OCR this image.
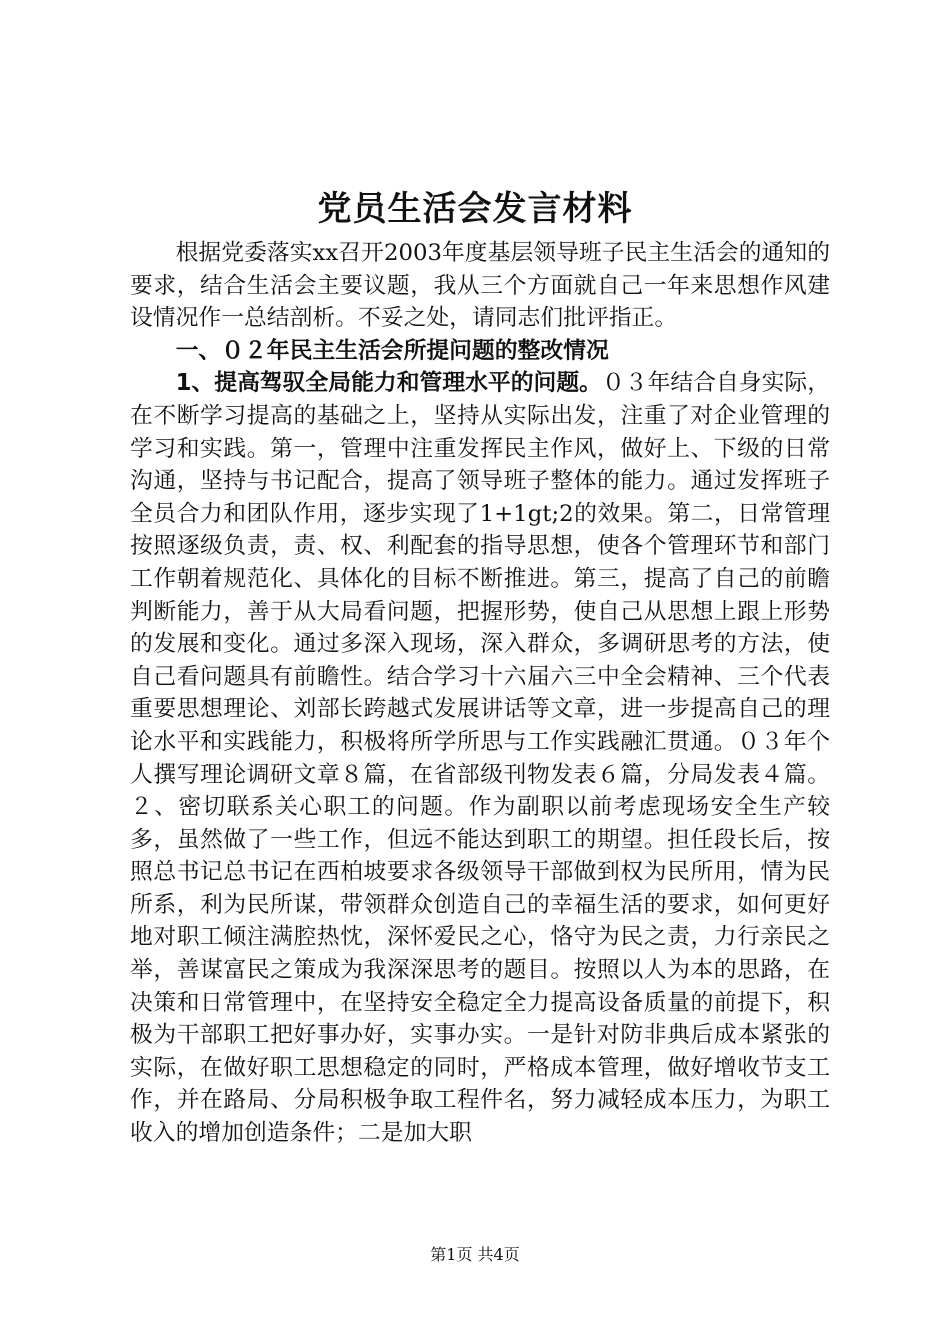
党员生活会发言材料

根据党委落实xx召开2003年度基层领导班子民主生活会的通知的要求，结合生活会主要议题，我从三个方面就自己一年来思想作风建设情况作一总结剖析。不妥之处，请同志们批评指正。

一、０２年民主生活会所提问题的整改情况

1、提高驾驭全局能力和管理水平的问题。０３年结合自身实际，在不断学习提高的基础之上，坚持从实际出发，注重了对企业管理的学习和实践。第一，管理中注重发挥民主作风，做好上、下级的日常沟通，坚持与书记配合，提高了领导班子整体的能力。通过发挥班子全员合力和团队作用，逐步实现了1+1gt;2的效果。第二，日常管理按照逐级负责，责、权、利配套的指导思想，使各个管理环节和部门工作朝着规范化、具体化的目标不断推进。第三，提高了自己的前瞻判断能力，善于从大局看问题，把握形势，使自己从思想上跟上形势的发展和变化。通过多深入现场，深入群众，多调研思考的方法，使自己看问题具有前瞻性。结合学习十六届六三中全会精神、三个代表重要思想理论、刘部长跨越式发展讲话等文章，进一步提高自己的理论水平和实践能力，积极将所学所思与工作实践融汇贯通。０３年个人撰写理论调研文章８篇，在省部级刊物发表６篇，分局发表４篇。２、密切联系关心职工的问题。作为副职以前考虑现场安全生产较多，虽然做了一些工作，但远不能达到职工的期望。担任段长后，按照总书记总书记在西柏坡要求各级领导干部做到权为民所用，情为民所系，利为民所谋，带领群众创造自己的幸福生活的要求，如何更好地对职工倾注满腔热忱，深怀爱民之心，恪守为民之责，力行亲民之举，善谋富民之策成为我深深思考的题目。按照以人为本的思路，在决策和日常管理中，在坚持安全稳定全力提高设备质量的前提下，积极为干部职工把好事办好，实事办实。一是针对防非典后成本紧张的实际，在做好职工思想稳定的同时，严格成本管理，做好增收节支工作，并在路局、分局积极争取工程件名，努力减轻成本压力，为职工收入的增加创造条件；二是加大职

第1页 共4页
